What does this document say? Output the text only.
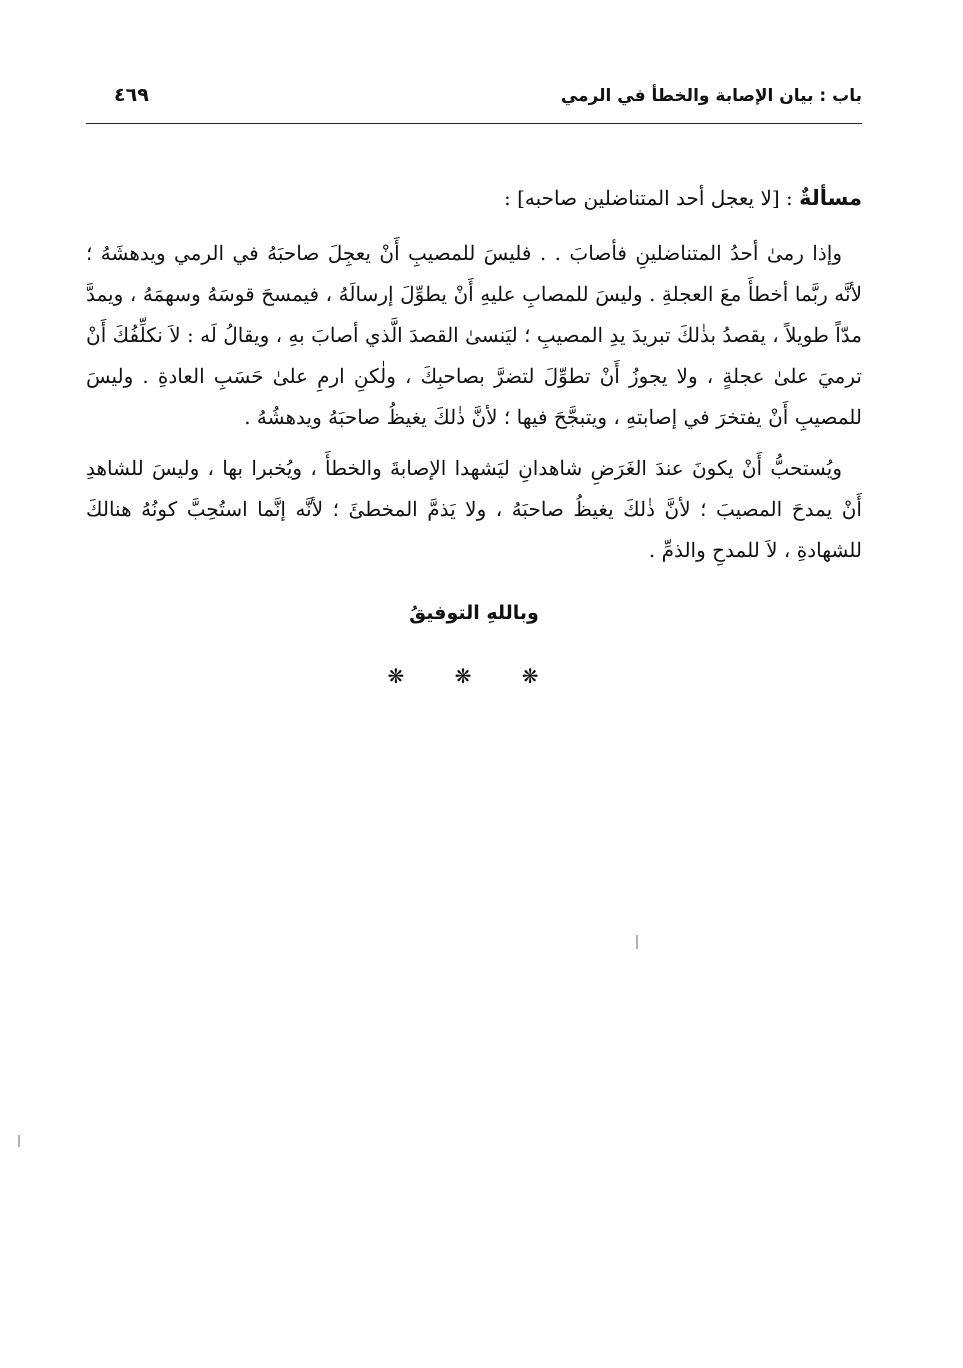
باب : بيان الإصابة والخطأ في الرمي
٤٦٩
مسألةٌ : [لا يعجل أحد المتناضلين صاحبه] :

وإذا رمىٰ أحدُ المتناضلينِ فأصابَ . . فليسَ للمصيبِ أَنْ يعجِلَ صاحبَهُ في الرمي ويدهشَهُ ؛ لأنَّه ربَّما أخطأَ معَ العجلةِ . وليسَ للمصابِ عليهِ أَنْ يطوِّلَ إرسالَهُ ، فيمسحَ قوسَهُ وسهمَهُ ، ويمدَّ مدّاً طويلاً ، يقصدُ بذٰلكَ تبريدَ يدِ المصيبِ ؛ ليَنسىٰ القصدَ الَّذي أصابَ بهِ ، ويقالُ لَه : لاَ نكلِّفُكَ أَنْ ترميَ علىٰ عجلةٍ ، ولا يجوزُ أَنْ تطوِّلَ لتضرَّ بصاحبِكَ ، ولٰكنِ ارمِ علىٰ حَسَبِ العادةِ . وليسَ للمصيبِ أَنْ يفتخرَ في إصابتهِ ، ويتبجَّحَ فيها ؛ لأنَّ ذٰلكَ يغيظُ صاحبَهُ ويدهشُهُ .

ويُستحبُّ أَنْ يكونَ عندَ الغَرَضِ شاهدانِ ليَشهدا الإصابةَ والخطأَ ، ويُخبرا بها ، وليسَ للشاهدِ أَنْ يمدحَ المصيبَ ؛ لأنَّ ذٰلكَ يغيظُ صاحبَهُ ، ولا يَذمَّ المخطئَ ؛ لأنَّه إنَّما استُحِبَّ كونُهُ هنالكَ للشهادةِ ، لاَ للمدحِ والذمِّ .

وباللهِ التوفيقُ
❋ ❋ ❋
